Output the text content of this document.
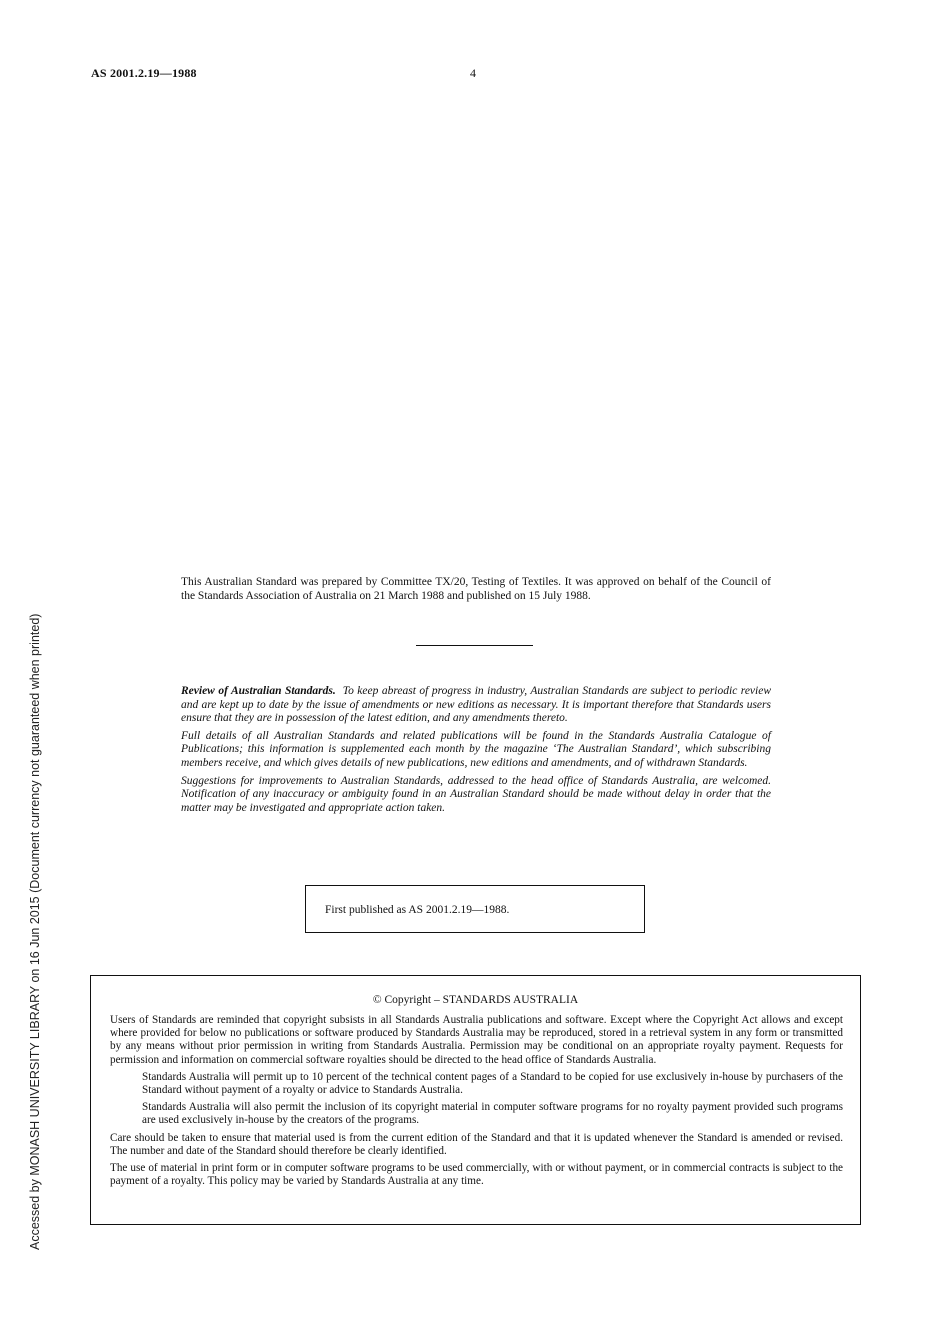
AS 2001.2.19—1988	4
Accessed by MONASH UNIVERSITY LIBRARY on 16 Jun 2015 (Document currency not guaranteed when printed)
This Australian Standard was prepared by Committee TX/20, Testing of Textiles. It was approved on behalf of the Council of the Standards Association of Australia on 21 March 1988 and published on 15 July 1988.

Review of Australian Standards. To keep abreast of progress in industry, Australian Standards are subject to periodic review and are kept up to date by the issue of amendments or new editions as necessary. It is important therefore that Standards users ensure that they are in possession of the latest edition, and any amendments thereto.

Full details of all Australian Standards and related publications will be found in the Standards Australia Catalogue of Publications; this information is supplemented each month by the magazine ‘The Australian Standard’, which subscribing members receive, and which gives details of new publications, new editions and amendments, and of withdrawn Standards.

Suggestions for improvements to Australian Standards, addressed to the head office of Standards Australia, are welcomed. Notification of any inaccuracy or ambiguity found in an Australian Standard should be made without delay in order that the matter may be investigated and appropriate action taken.

First published as AS 2001.2.19—1988.
© Copyright – STANDARDS AUSTRALIA

Users of Standards are reminded that copyright subsists in all Standards Australia publications and software. Except where the Copyright Act allows and except where provided for below no publications or software produced by Standards Australia may be reproduced, stored in a retrieval system in any form or transmitted by any means without prior permission in writing from Standards Australia. Permission may be conditional on an appropriate royalty payment. Requests for permission and information on commercial software royalties should be directed to the head office of Standards Australia.

Standards Australia will permit up to 10 percent of the technical content pages of a Standard to be copied for use exclusively in-house by purchasers of the Standard without payment of a royalty or advice to Standards Australia.

Standards Australia will also permit the inclusion of its copyright material in computer software programs for no royalty payment provided such programs are used exclusively in-house by the creators of the programs.

Care should be taken to ensure that material used is from the current edition of the Standard and that it is updated whenever the Standard is amended or revised. The number and date of the Standard should therefore be clearly identified.

The use of material in print form or in computer software programs to be used commercially, with or without payment, or in commercial contracts is subject to the payment of a royalty. This policy may be varied by Standards Australia at any time.
